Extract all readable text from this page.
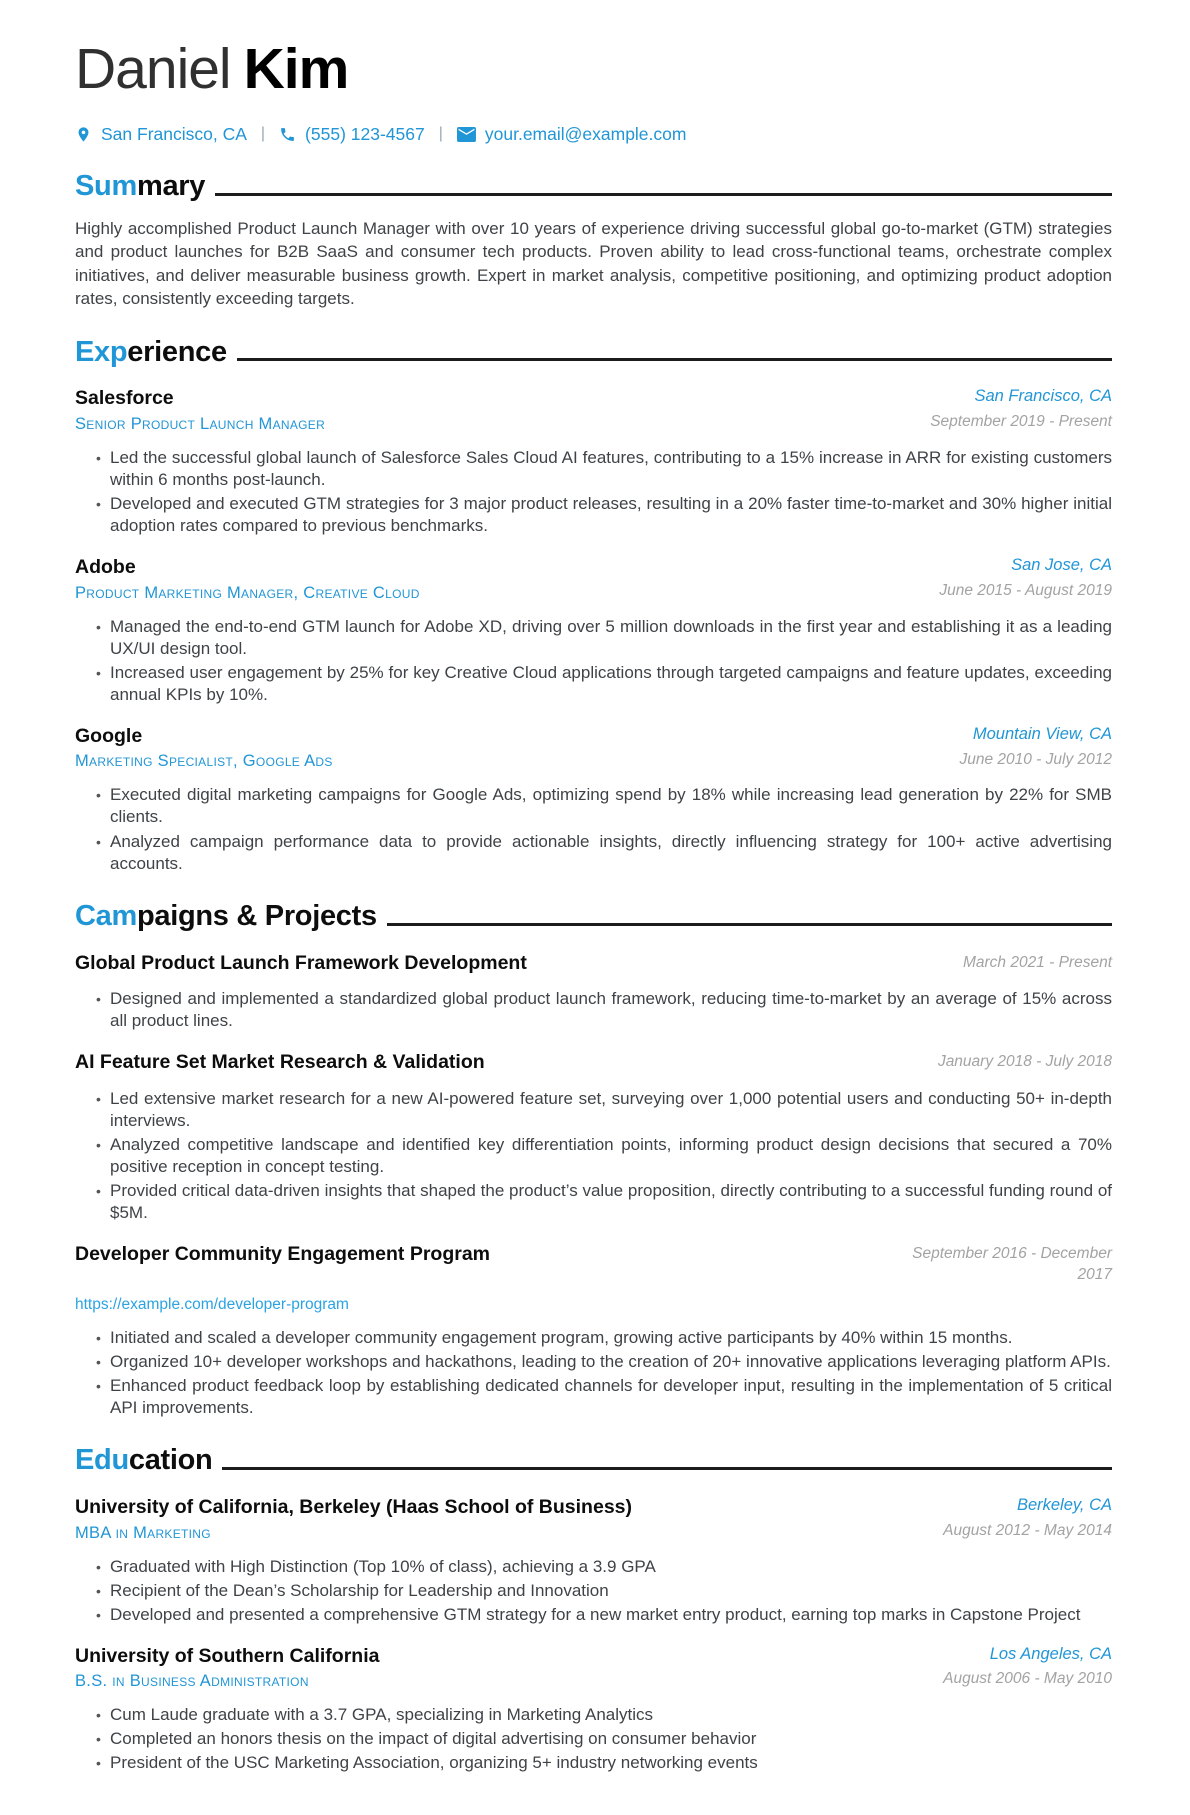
Daniel Kim
San Francisco, CA | (555) 123-4567 | your.email@example.com
Summary

Highly accomplished Product Launch Manager with over 10 years of experience driving successful global go-to-market (GTM) strategies and product launches for B2B SaaS and consumer tech products. Proven ability to lead cross-functional teams, orchestrate complex initiatives, and deliver measurable business growth. Expert in market analysis, competitive positioning, and optimizing product adoption rates, consistently exceeding targets.

Experience
Salesforce
Senior Product Launch Manager
San Francisco, CA
September 2019 - Present
• Led the successful global launch of Salesforce Sales Cloud AI features, contributing to a 15% increase in ARR for existing customers within 6 months post-launch.
• Developed and executed GTM strategies for 3 major product releases, resulting in a 20% faster time-to-market and 30% higher initial adoption rates compared to previous benchmarks.
Adobe
Product Marketing Manager, Creative Cloud
San Jose, CA
June 2015 - August 2019
• Managed the end-to-end GTM launch for Adobe XD, driving over 5 million downloads in the first year and establishing it as a leading UX/UI design tool.
• Increased user engagement by 25% for key Creative Cloud applications through targeted campaigns and feature updates, exceeding annual KPIs by 10%.
Google
Marketing Specialist, Google Ads
Mountain View, CA
June 2010 - July 2012
• Executed digital marketing campaigns for Google Ads, optimizing spend by 18% while increasing lead generation by 22% for SMB clients.
• Analyzed campaign performance data to provide actionable insights, directly influencing strategy for 100+ active advertising accounts.
Campaigns & Projects
Global Product Launch Framework Development	March 2021 - Present
• Designed and implemented a standardized global product launch framework, reducing time-to-market by an average of 15% across all product lines.
AI Feature Set Market Research & Validation	January 2018 - July 2018
• Led extensive market research for a new AI-powered feature set, surveying over 1,000 potential users and conducting 50+ in-depth interviews.
• Analyzed competitive landscape and identified key differentiation points, informing product design decisions that secured a 70% positive reception in concept testing.
• Provided critical data-driven insights that shaped the product’s value proposition, directly contributing to a successful funding round of $5M.
Developer Community Engagement Program	September 2016 - December 2017
https://example.com/developer-program
• Initiated and scaled a developer community engagement program, growing active participants by 40% within 15 months.
• Organized 10+ developer workshops and hackathons, leading to the creation of 20+ innovative applications leveraging platform APIs.
• Enhanced product feedback loop by establishing dedicated channels for developer input, resulting in the implementation of 5 critical API improvements.
Education
University of California, Berkeley (Haas School of Business)
MBA in Marketing
Berkeley, CA
August 2012 - May 2014
• Graduated with High Distinction (Top 10% of class), achieving a 3.9 GPA
• Recipient of the Dean’s Scholarship for Leadership and Innovation
• Developed and presented a comprehensive GTM strategy for a new market entry product, earning top marks in Capstone Project
University of Southern California
B.S. in Business Administration
Los Angeles, CA
August 2006 - May 2010
• Cum Laude graduate with a 3.7 GPA, specializing in Marketing Analytics
• Completed an honors thesis on the impact of digital advertising on consumer behavior
• President of the USC Marketing Association, organizing 5+ industry networking events
